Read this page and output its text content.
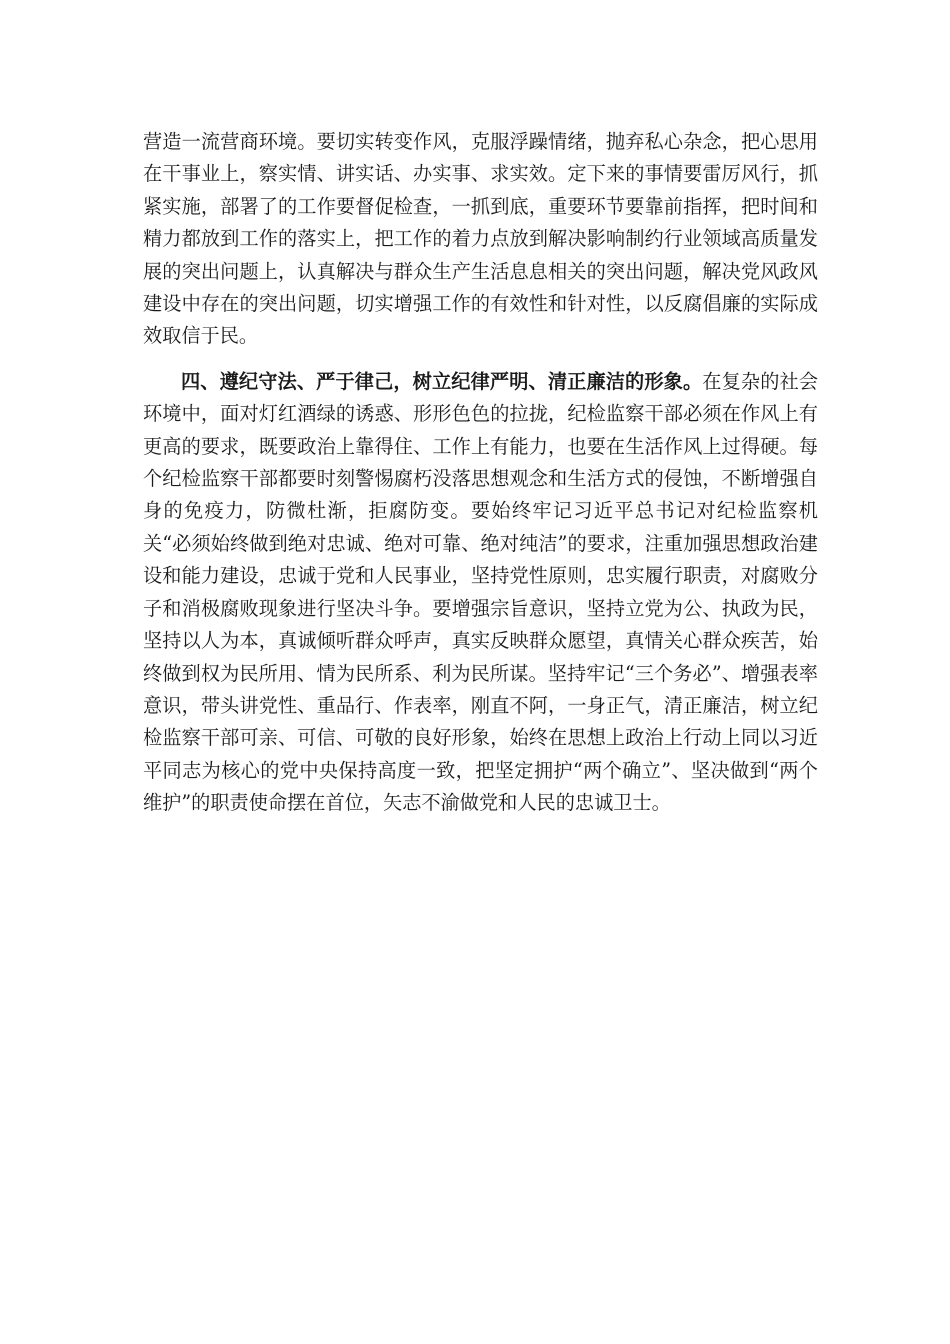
营造一流营商环境。要切实转变作风，克服浮躁情绪，抛弃私心杂念，把心思用在干事业上，察实情、讲实话、办实事、求实效。定下来的事情要雷厉风行，抓紧实施，部署了的工作要督促检查，一抓到底，重要环节要靠前指挥，把时间和精力都放到工作的落实上，把工作的着力点放到解决影响制约行业领域高质量发展的突出问题上，认真解决与群众生产生活息息相关的突出问题，解决党风政风建设中存在的突出问题，切实增强工作的有效性和针对性，以反腐倡廉的实际成效取信于民。

四、遵纪守法、严于律己，树立纪律严明、清正廉洁的形象。在复杂的社会环境中，面对灯红酒绿的诱惑、形形色色的拉拢，纪检监察干部必须在作风上有更高的要求，既要政治上靠得住、工作上有能力，也要在生活作风上过得硬。每个纪检监察干部都要时刻警惕腐朽没落思想观念和生活方式的侵蚀，不断增强自身的免疫力，防微杜渐，拒腐防变。要始终牢记习近平总书记对纪检监察机关“必须始终做到绝对忠诚、绝对可靠、绝对纯洁”的要求，注重加强思想政治建设和能力建设，忠诚于党和人民事业，坚持党性原则，忠实履行职责，对腐败分子和消极腐败现象进行坚决斗争。要增强宗旨意识，坚持立党为公、执政为民，坚持以人为本，真诚倾听群众呼声，真实反映群众愿望，真情关心群众疾苦，始终做到权为民所用、情为民所系、利为民所谋。坚持牢记“三个务必”、增强表率意识，带头讲党性、重品行、作表率，刚直不阿，一身正气，清正廉洁，树立纪检监察干部可亲、可信、可敬的良好形象，始终在思想上政治上行动上同以习近平同志为核心的党中央保持高度一致，把坚定拥护“两个确立”、坚决做到“两个维护”的职责使命摆在首位，矢志不渝做党和人民的忠诚卫士。
